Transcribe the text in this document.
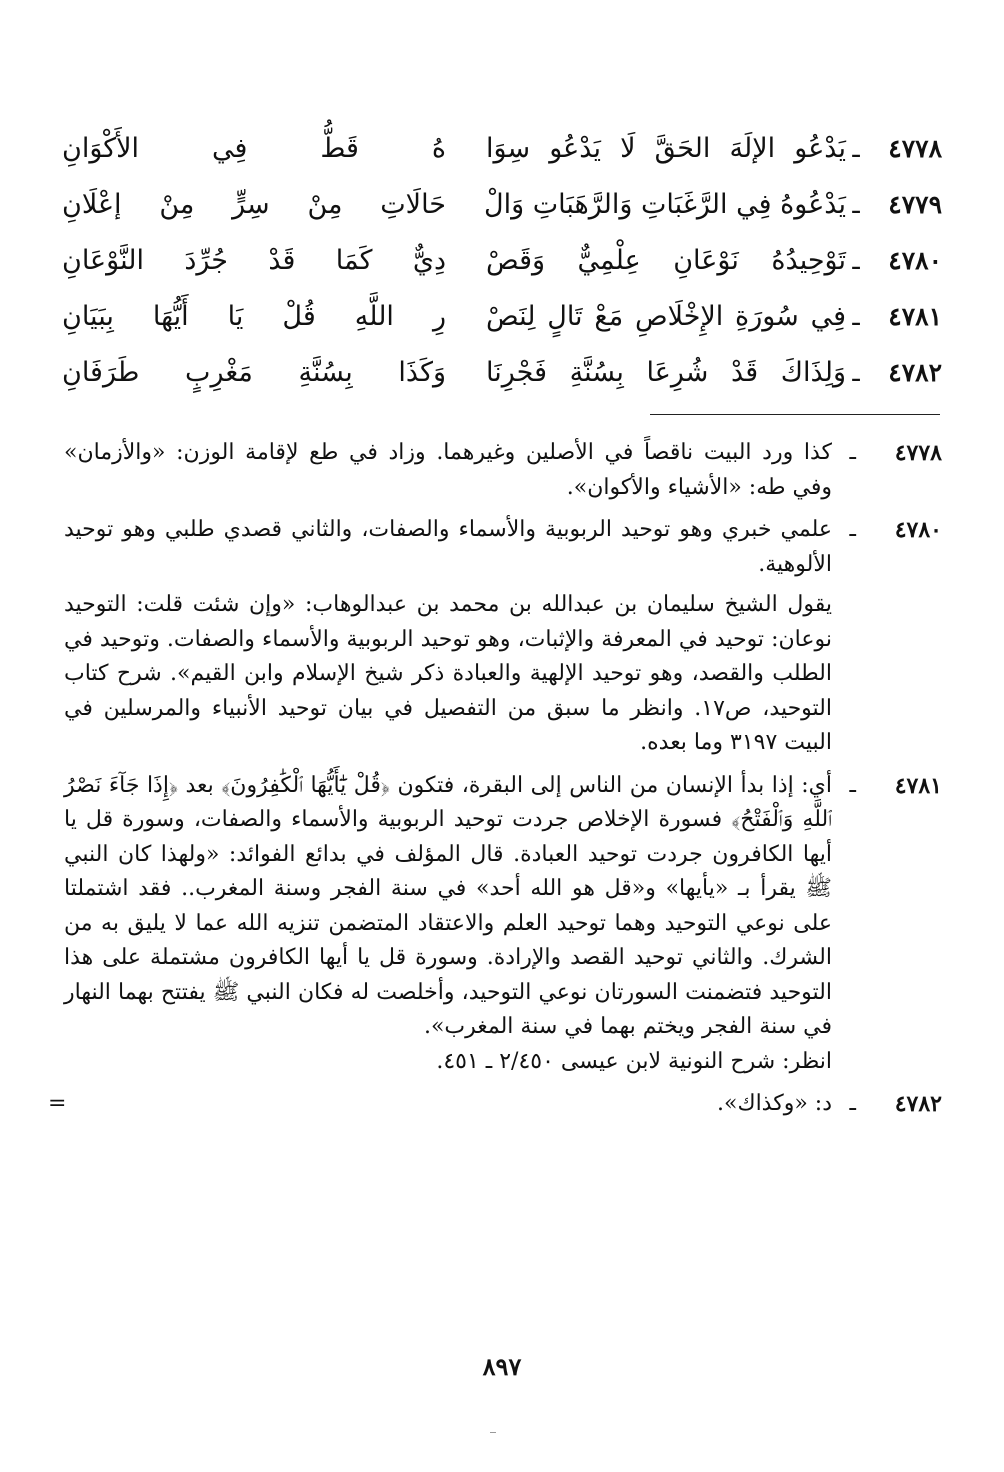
٤٧٧٨
ـ
يَدْعُو الإلَهَ الحَقَّ لَا يَدْعُو سِوَا
هُ قَطُّ فِي الأَكْوَانِ
٤٧٧٩
ـ
يَدْعُوهُ فِي الرَّغَبَاتِ وَالرَّهَبَاتِ وَالْ
حَالَاتِ مِنْ سِرٍّ مِنْ إعْلَانِ
٤٧٨٠
ـ
تَوْحِيدُهُ نَوْعَانِ عِلْمِيٌّ وَقَصْ
دِيٌّ كَمَا قَدْ جُرِّدَ النَّوْعَانِ
٤٧٨١
ـ
فِي سُورَةِ الإِخْلَاصِ مَعْ تَالٍ لِنَصْ
رِ اللَّهِ قُلْ يَا أَيُّهَا بِبَيَانِ
٤٧٨٢
ـ
وَلِذَاكَ قَدْ شُرِعَا بِسُنَّةِ فَجْرِنَا
وَكَذَا بِسُنَّةِ مَغْرِبٍ طَرَفَانِ
٤٧٧٨
ـ

كذا ورد البيت ناقصاً في الأصلين وغيرهما. وزاد في طع لإقامة الوزن: «والأزمان» وفي طه: «الأشياء والأكوان».

٤٧٨٠
ـ

علمي خبري وهو توحيد الربوبية والأسماء والصفات، والثاني قصدي طلبي وهو توحيد الألوهية.

يقول الشيخ سليمان بن عبدالله بن محمد بن عبدالوهاب: «وإن شئت قلت: التوحيد نوعان: توحيد في المعرفة والإثبات، وهو توحيد الربوبية والأسماء والصفات. وتوحيد في الطلب والقصد، وهو توحيد الإلهية والعبادة ذكر شيخ الإسلام وابن القيم». شرح كتاب التوحيد، ص١٧. وانظر ما سبق من التفصيل في بيان توحيد الأنبياء والمرسلين في البيت ٣١٩٧ وما بعده.

٤٧٨١
ـ

أي: إذا بدأ الإنسان من الناس إلى البقرة، فتكون ﴿قُلْ يَٰٓأَيُّهَا ٱلْكَٰفِرُونَ﴾ بعد ﴿إِذَا جَآءَ نَصْرُ ٱللَّهِ وَٱلْفَتْحُ﴾ فسورة الإخلاص جردت توحيد الربوبية والأسماء والصفات، وسورة قل يا أيها الكافرون جردت توحيد العبادة. قال المؤلف في بدائع الفوائد: «ولهذا كان النبي ﷺ يقرأ بـ «يأيها» و«قل هو الله أحد» في سنة الفجر وسنة المغرب.. فقد اشتملتا على نوعي التوحيد وهما توحيد العلم والاعتقاد المتضمن تنزيه الله عما لا يليق به من الشرك. والثاني توحيد القصد والإرادة. وسورة قل يا أيها الكافرون مشتملة على هذا التوحيد فتضمنت السورتان نوعي التوحيد، وأخلصت له فكان النبي ﷺ يفتتح بهما النهار في سنة الفجر ويختم بهما في سنة المغرب».

انظر: شرح النونية لابن عيسى ٢/٤٥٠ ـ ٤٥١.

٤٧٨٢
ـ

د: «وكذاك».

=
٨٩٧
